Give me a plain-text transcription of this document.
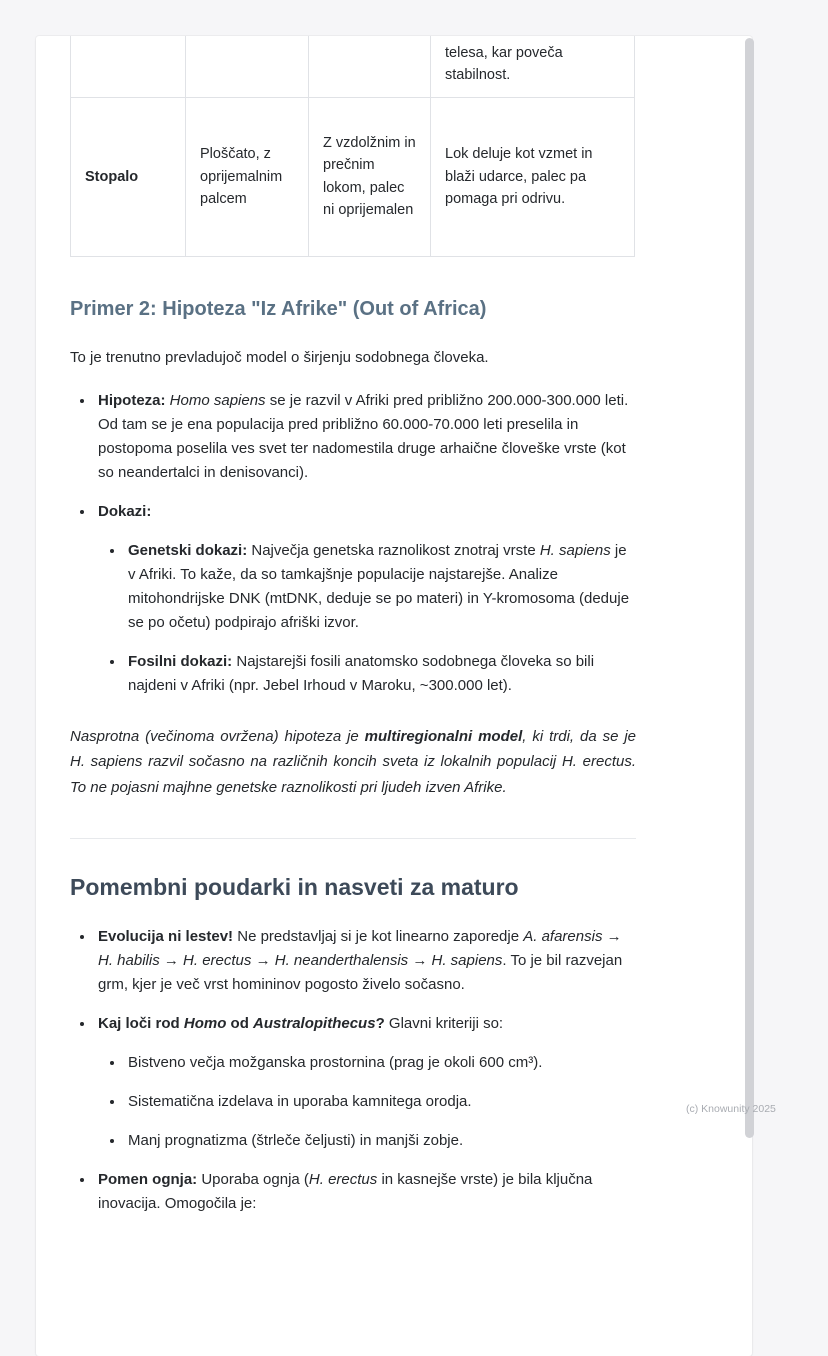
			telesa, kar poveča stabilnost.
Stopalo	Ploščato, z oprijemalnim palcem	Z vzdolžnim in prečnim lokom, palec ni oprijemalen	Lok deluje kot vzmet in blaži udarce, palec pa pomaga pri odrivu.
Primer 2: Hipoteza "Iz Afrike" (Out of Africa)

To je trenutno prevladujoč model o širjenju sodobnega človeka.

• Hipoteza: Homo sapiens se je razvil v Afriki pred približno 200.000-300.000 leti. Od tam se je ena populacija pred približno 60.000-70.000 leti preselila in postopoma poselila ves svet ter nadomestila druge arhaične človeške vrste (kot so neandertalci in denisovanci).
• Dokazi:
• Genetski dokazi: Največja genetska raznolikost znotraj vrste H. sapiens je v Afriki. To kaže, da so tamkajšnje populacije najstarejše. Analize mitohondrijske DNK (mtDNK, deduje se po materi) in Y-kromosoma (deduje se po očetu) podpirajo afriški izvor.
• Fosilni dokazi: Najstarejši fosili anatomsko sodobnega človeka so bili najdeni v Afriki (npr. Jebel Irhoud v Maroku, ~300.000 let).

Nasprotna (večinoma ovržena) hipoteza je multiregionalni model, ki trdi, da se je H. sapiens razvil sočasno na različnih koncih sveta iz lokalnih populacij H. erectus. To ne pojasni majhne genetske raznolikosti pri ljudeh izven Afrike.

Pomembni poudarki in nasveti za maturo
• Evolucija ni lestev! Ne predstavljaj si je kot linearno zaporedje A. afarensis → H. habilis → H. erectus → H. neanderthalensis → H. sapiens. To je bil razvejan grm, kjer je več vrst homininov pogosto živelo sočasno.
• Kaj loči rod Homo od Australopithecus? Glavni kriteriji so:
• Bistveno večja možganska prostornina (prag je okoli 600 cm³).
• Sistematična izdelava in uporaba kamnitega orodja.
• Manj prognatizma (štrleče čeljusti) in manjši zobje.
• Pomen ognja: Uporaba ognja (H. erectus in kasnejše vrste) je bila ključna inovacija. Omogočila je:
(c) Knowunity 2025
